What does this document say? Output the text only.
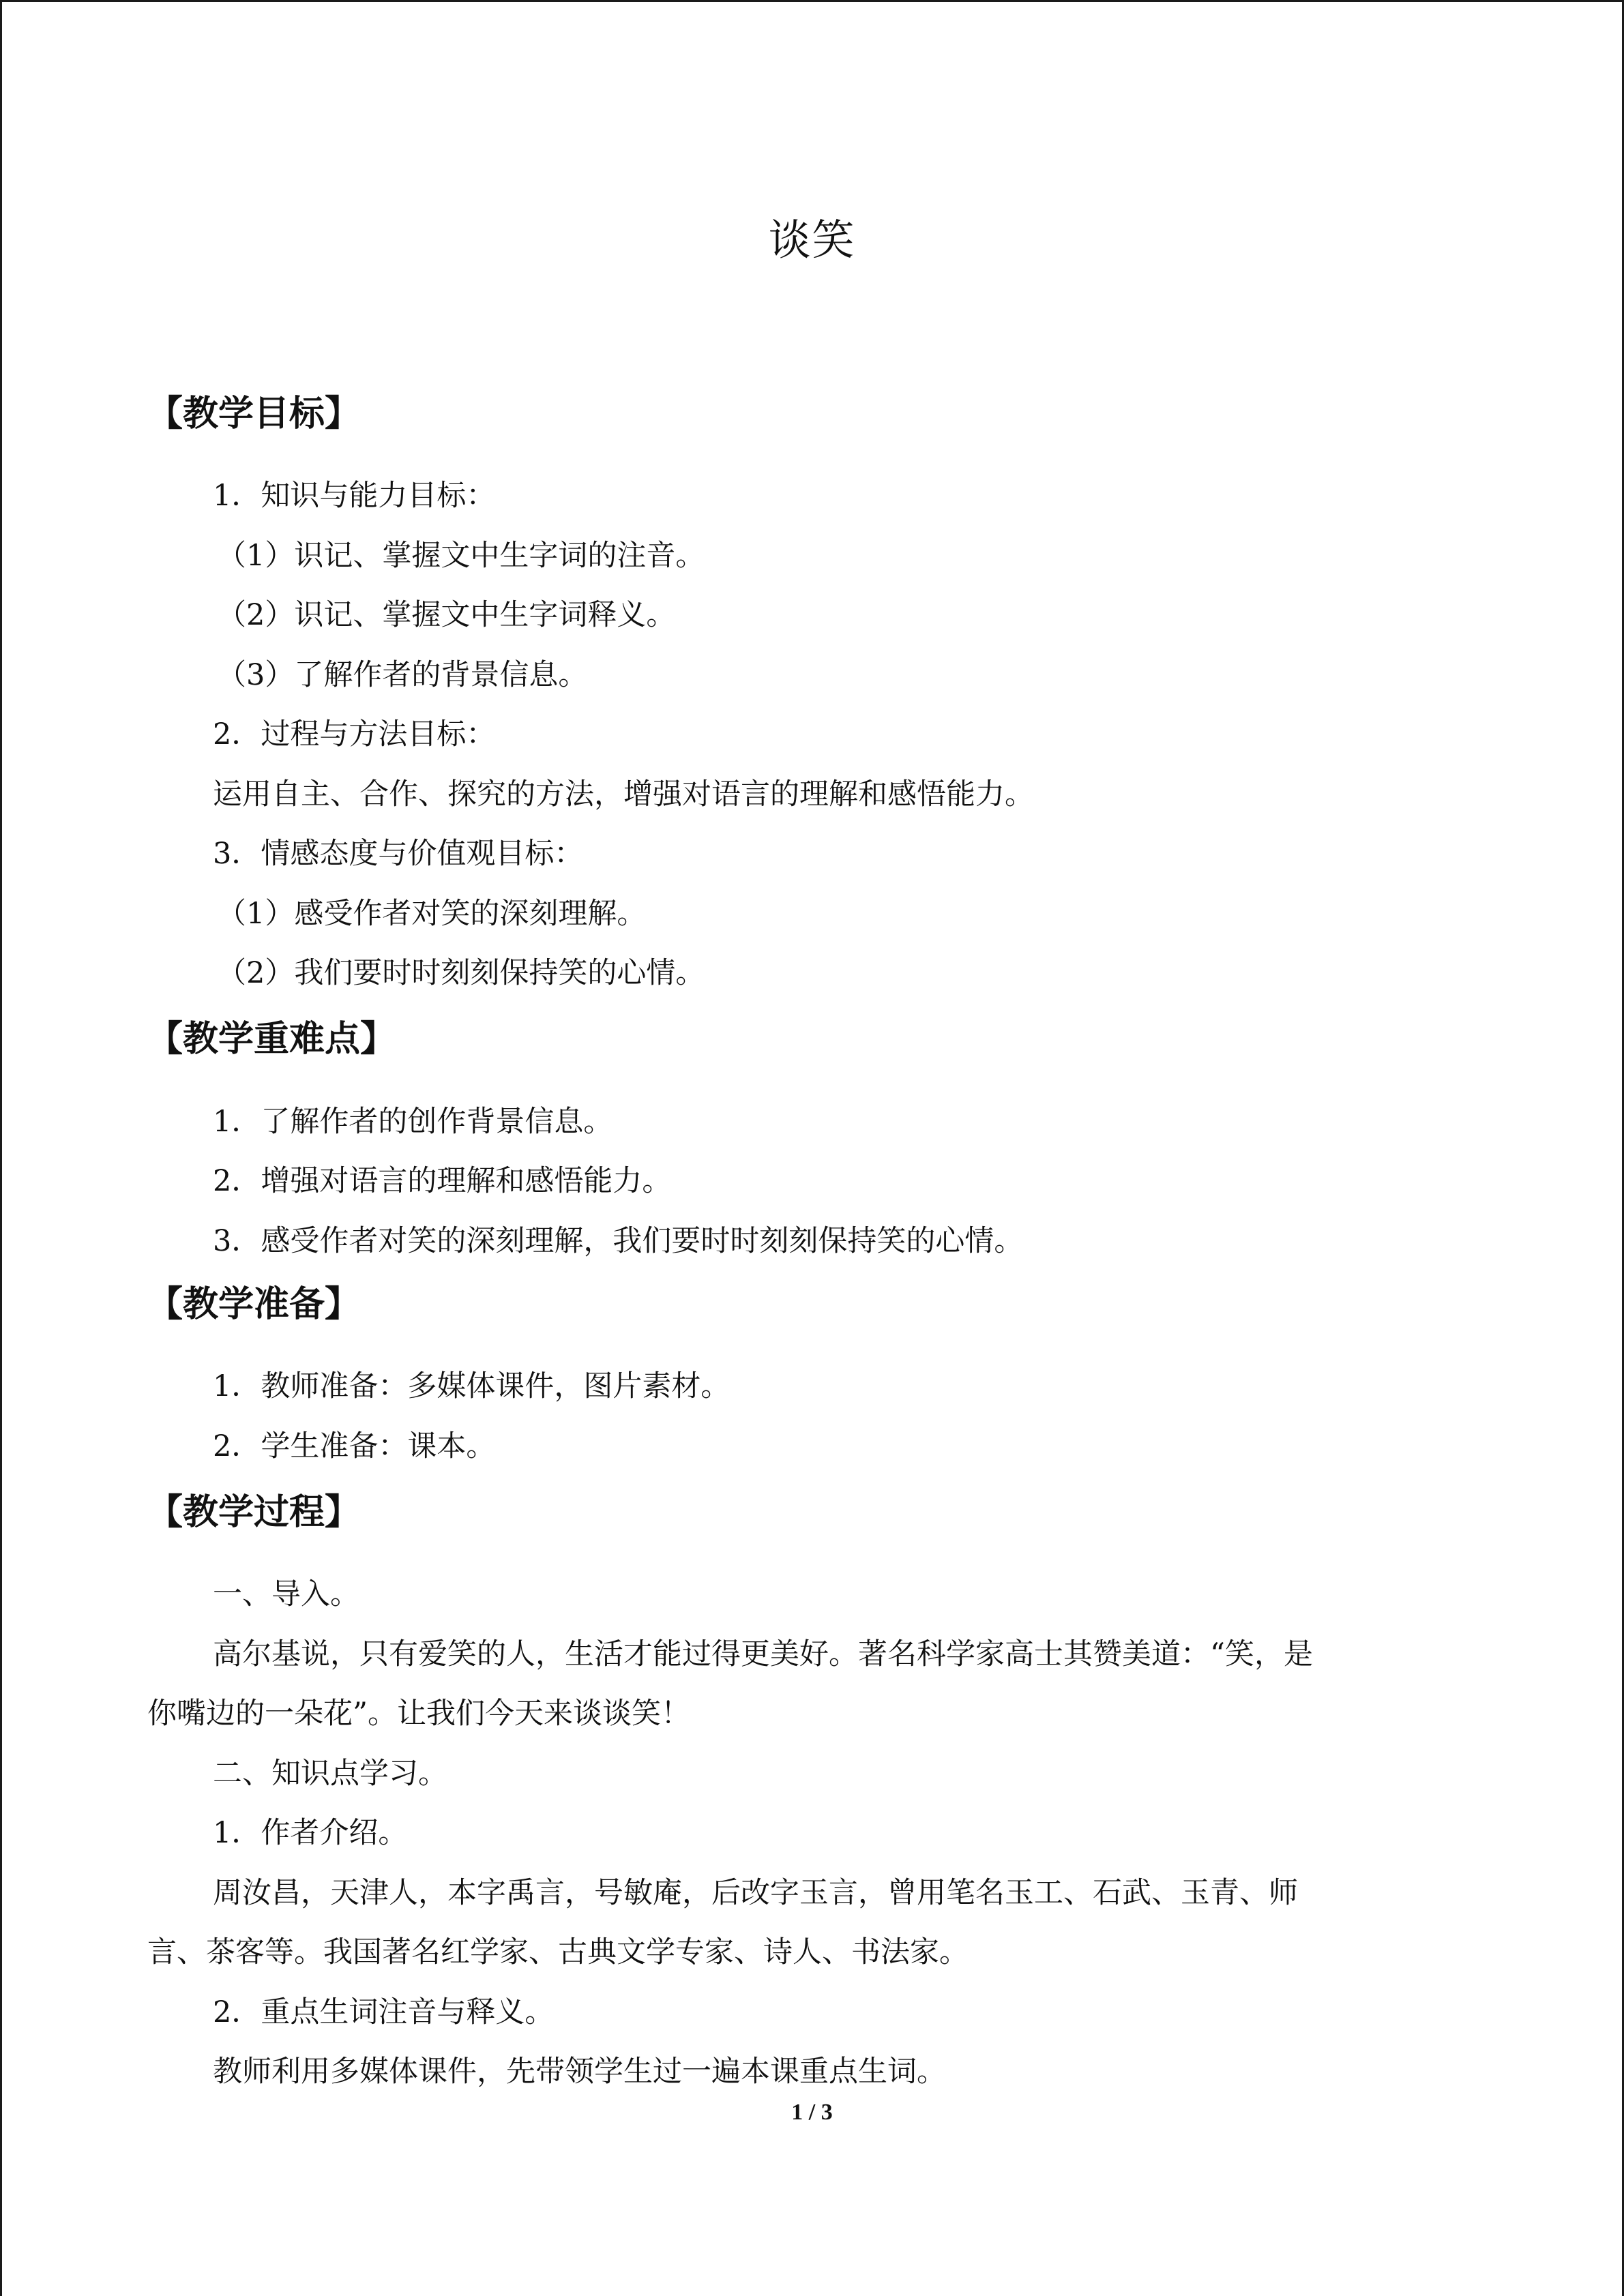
谈笑
【教学目标】
1．知识与能力目标：
（1）识记、掌握文中生字词的注音。
（2）识记、掌握文中生字词释义。
（3）了解作者的背景信息。
2．过程与方法目标：
运用自主、合作、探究的方法，增强对语言的理解和感悟能力。
3．情感态度与价值观目标：
（1）感受作者对笑的深刻理解。
（2）我们要时时刻刻保持笑的心情。
【教学重难点】
1．了解作者的创作背景信息。
2．增强对语言的理解和感悟能力。
3．感受作者对笑的深刻理解，我们要时时刻刻保持笑的心情。
【教学准备】
1．教师准备：多媒体课件，图片素材。
2．学生准备：课本。
【教学过程】
一、导入。
高尔基说，只有爱笑的人，生活才能过得更美好。著名科学家高士其赞美道：“笑，是
你嘴边的一朵花”。让我们今天来谈谈笑！
二、知识点学习。
1．作者介绍。
周汝昌，天津人，本字禹言，号敏庵，后改字玉言，曾用笔名玉工、石武、玉青、师
言、茶客等。我国著名红学家、古典文学专家、诗人、书法家。
2．重点生词注音与释义。
教师利用多媒体课件，先带领学生过一遍本课重点生词。
1 / 3
